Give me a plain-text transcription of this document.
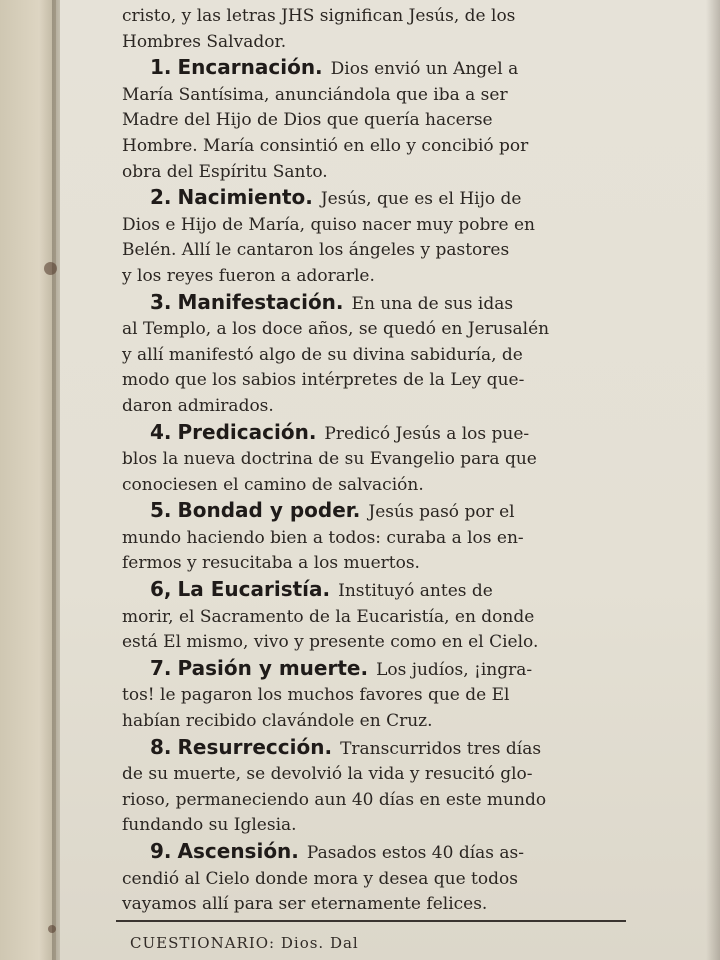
cristo, y las letras JHS significan Jesús, de los
Hombres Salvador.
1. Encarnación. Dios envió un Angel a
María Santísima, anunciándola que iba a ser
Madre del Hijo de Dios que quería hacerse
Hombre. María consintió en ello y concibió por
obra del Espíritu Santo.
2. Nacimiento. Jesús, que es el Hijo de
Dios e Hijo de María, quiso nacer muy pobre en
Belén. Allí le cantaron los ángeles y pastores
y los reyes fueron a adorarle.
3. Manifestación. En una de sus idas
al Templo, a los doce años, se quedó en Jerusalén
y allí manifestó algo de su divina sabiduría, de
modo que los sabios intérpretes de la Ley que-
daron admirados.
4. Predicación. Predicó Jesús a los pue-
blos la nueva doctrina de su Evangelio para que
conociesen el camino de salvación.
5. Bondad y poder. Jesús pasó por el
mundo haciendo bien a todos: curaba a los en-
fermos y resucitaba a los muertos.
6, La Eucaristía. Instituyó antes de
morir, el Sacramento de la Eucaristía, en donde
está El mismo, vivo y presente como en el Cielo.
7. Pasión y muerte. Los judíos, ¡ingra-
tos! le pagaron los muchos favores que de El
habían recibido clavándole en Cruz.
8. Resurrección. Transcurridos tres días
de su muerte, se devolvió la vida y resucitó glo-
rioso, permaneciendo aun 40 días en este mundo
fundando su Iglesia.
9. Ascensión. Pasados estos 40 días as-
cendió al Cielo donde mora y desea que todos
vayamos allí para ser eternamente felices.
CUESTIONARIO: Dios. Dal
